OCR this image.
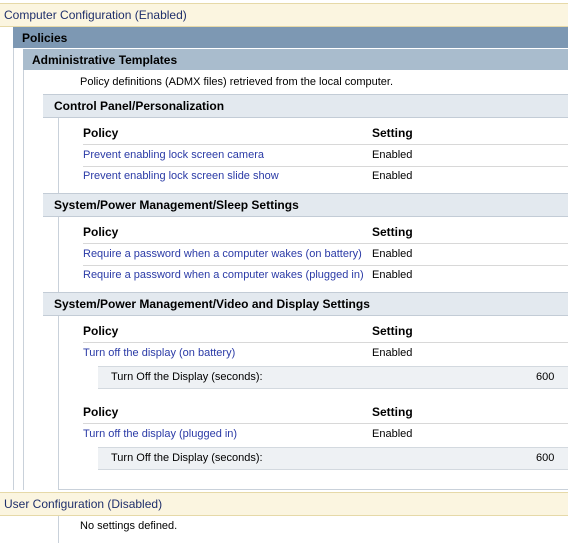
Computer Configuration (Enabled)
Policies
Administrative Templates
Policy definitions (ADMX files) retrieved from the local computer.
Control Panel/Personalization
Policy	Setting
Prevent enabling lock screen camera	Enabled
Prevent enabling lock screen slide show	Enabled
System/Power Management/Sleep Settings
Policy	Setting
Require a password when a computer wakes (on battery) Enabled
Require a password when a computer wakes (plugged in) Enabled
System/Power Management/Video and Display Settings
Policy	Setting
Turn off the display (on battery)	Enabled
Turn Off the Display (seconds):	600
Policy	Setting
Turn off the display (plugged in)	Enabled
Turn Off the Display (seconds):	600
User Configuration (Disabled)
No settings defined.
